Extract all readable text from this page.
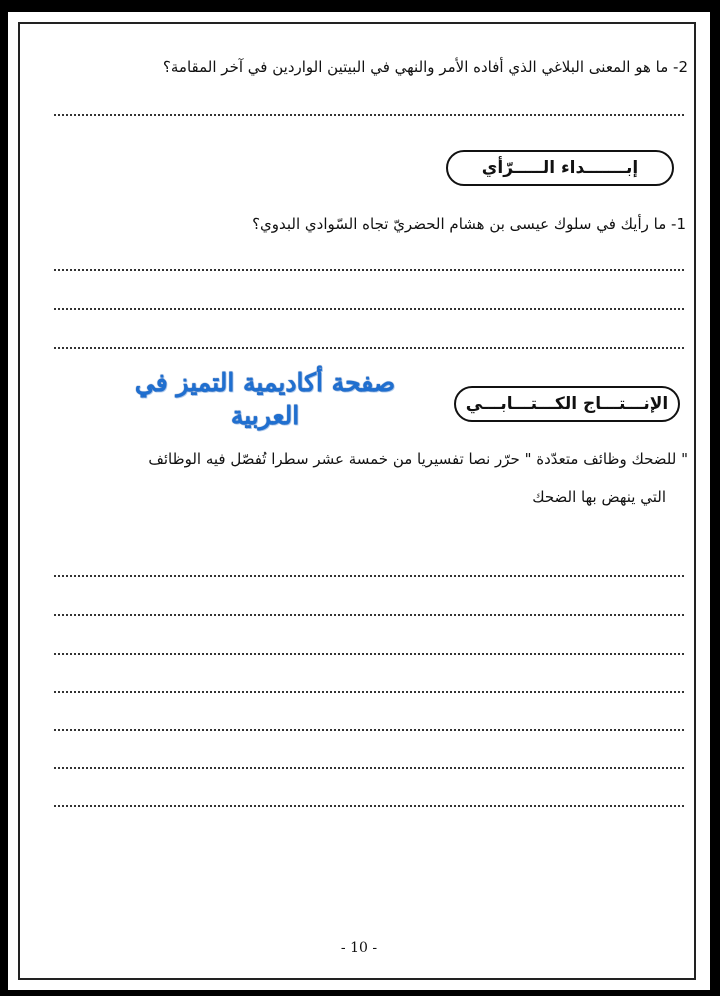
2- ما هو المعنى البلاغي الذي أفاده الأمر والنهي في البيتين الواردين في آخر المقامة؟
إبـــــــداء الـــــرّأي
1- ما رأيك في سلوك عيسى بن هشام الحضريّ تجاه السّوادي البدوي؟
صفحة أكاديمية التميز في
العربية	الإنـــتـــاج الكـــتـــابـــي
" للضحك وظائف متعدّدة " حرّر نصا تفسيريا من خمسة عشر سطرا تُفصّل فيه الوظائف
التي ينهض بها الضحك
- 10 -
